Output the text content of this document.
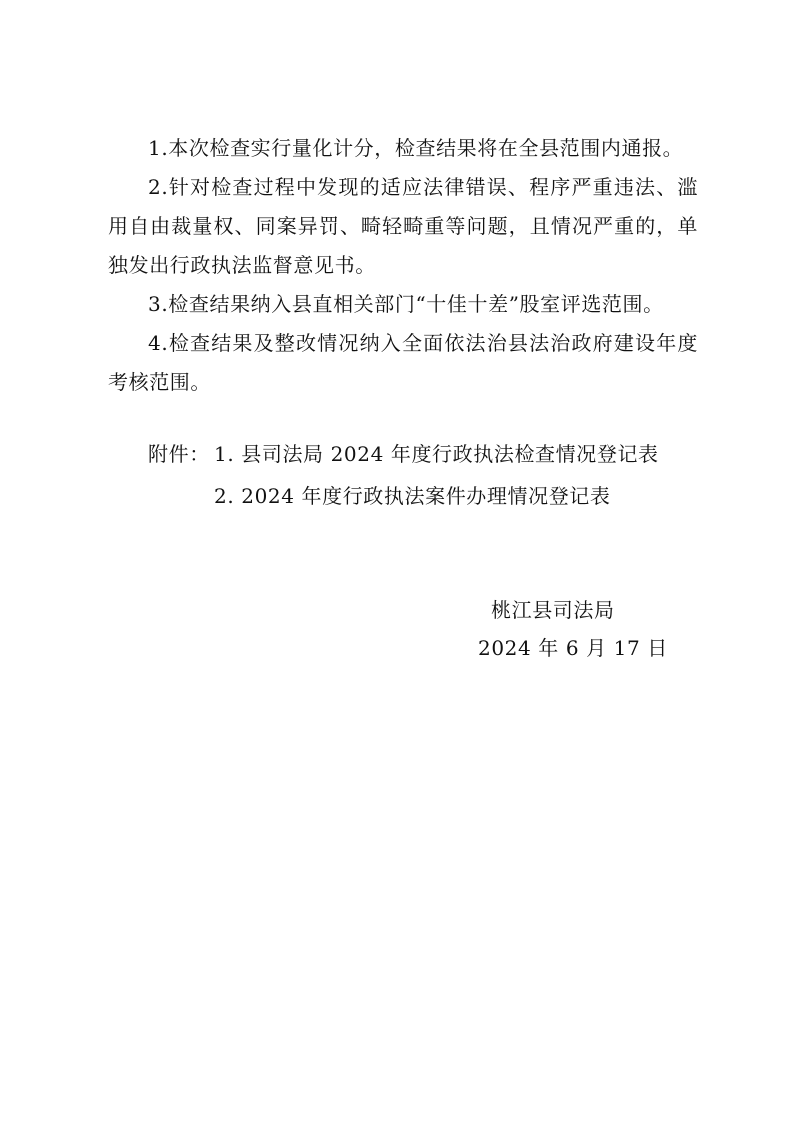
1.本次检查实行量化计分，检查结果将在全县范围内通报。

2.针对检查过程中发现的适应法律错误、程序严重违法、滥用自由裁量权、同案异罚、畸轻畸重等问题，且情况严重的，单独发出行政执法监督意见书。

3.检查结果纳入县直相关部门“十佳十差”股室评选范围。

4.检查结果及整改情况纳入全面依法治县法治政府建设年度考核范围。

附件： 1. 县司法局 2024 年度行政执法检查情况登记表
2. 2024 年度行政执法案件办理情况登记表
桃江县司法局
2024 年 6 月 17 日
